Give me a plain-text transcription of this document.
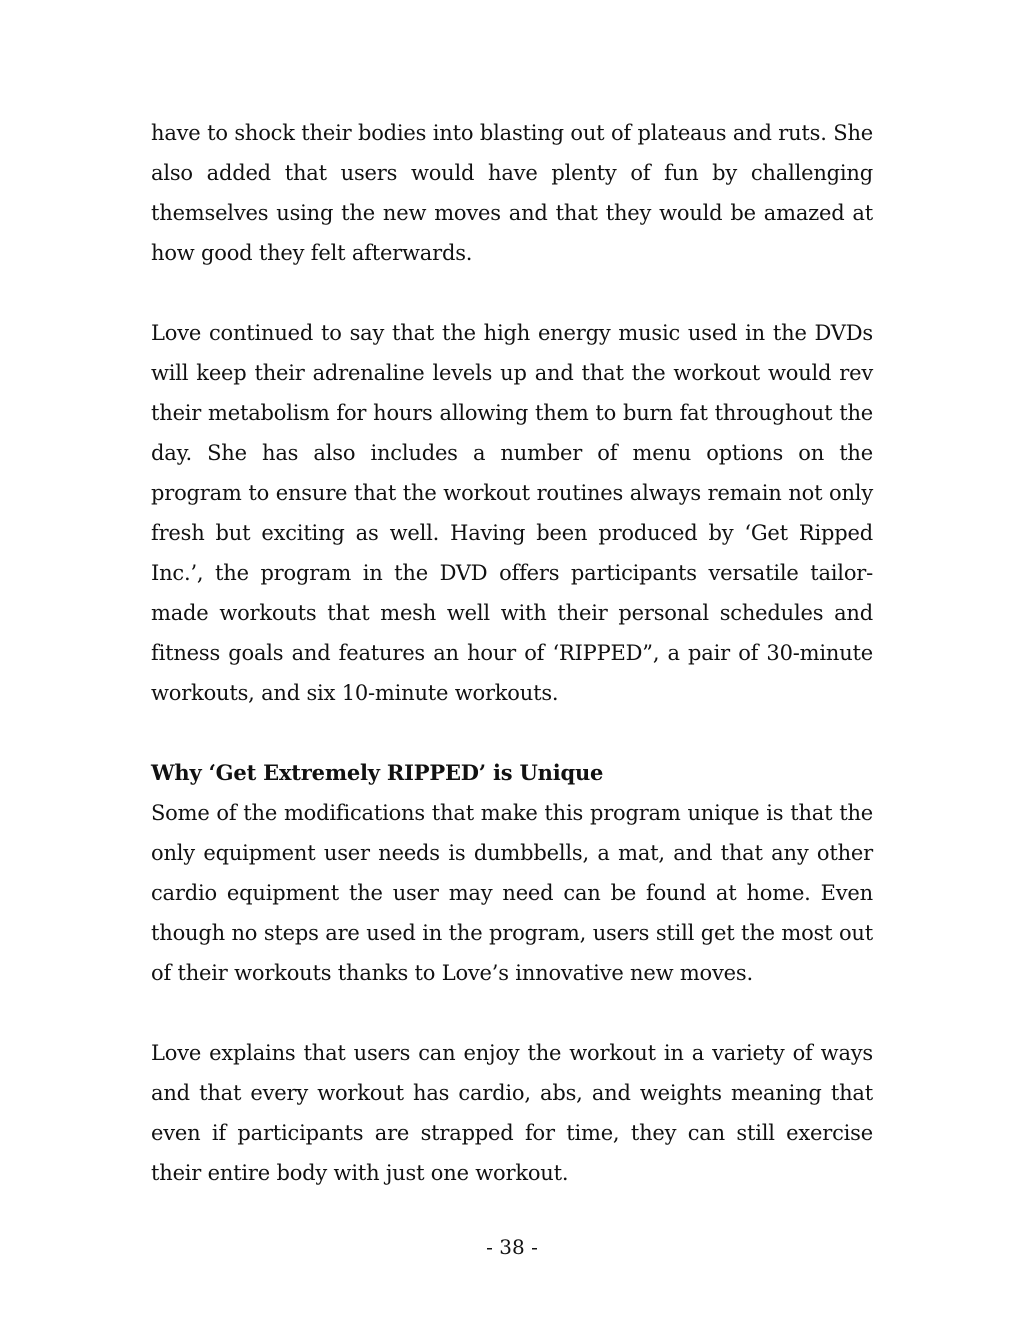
have to shock their bodies into blasting out of plateaus and ruts. She also added that users would have plenty of fun by challenging themselves using the new moves and that they would be amazed at how good they felt afterwards.

Love continued to say that the high energy music used in the DVDs will keep their adrenaline levels up and that the workout would rev their metabolism for hours allowing them to burn fat throughout the day. She has also includes a number of menu options on the program to ensure that the workout routines always remain not only fresh but exciting as well. Having been produced by ‘Get Ripped Inc.’, the program in the DVD offers participants versatile tailor-made workouts that mesh well with their personal schedules and fitness goals and features an hour of ‘RIPPED”, a pair of 30-minute workouts, and six 10-minute workouts.

Why ‘Get Extremely RIPPED’ is Unique

Some of the modifications that make this program unique is that the only equipment user needs is dumbbells, a mat, and that any other cardio equipment the user may need can be found at home. Even though no steps are used in the program, users still get the most out of their workouts thanks to Love’s innovative new moves.

Love explains that users can enjoy the workout in a variety of ways and that every workout has cardio, abs, and weights meaning that even if participants are strapped for time, they can still exercise their entire body with just one workout.

- 38 -
